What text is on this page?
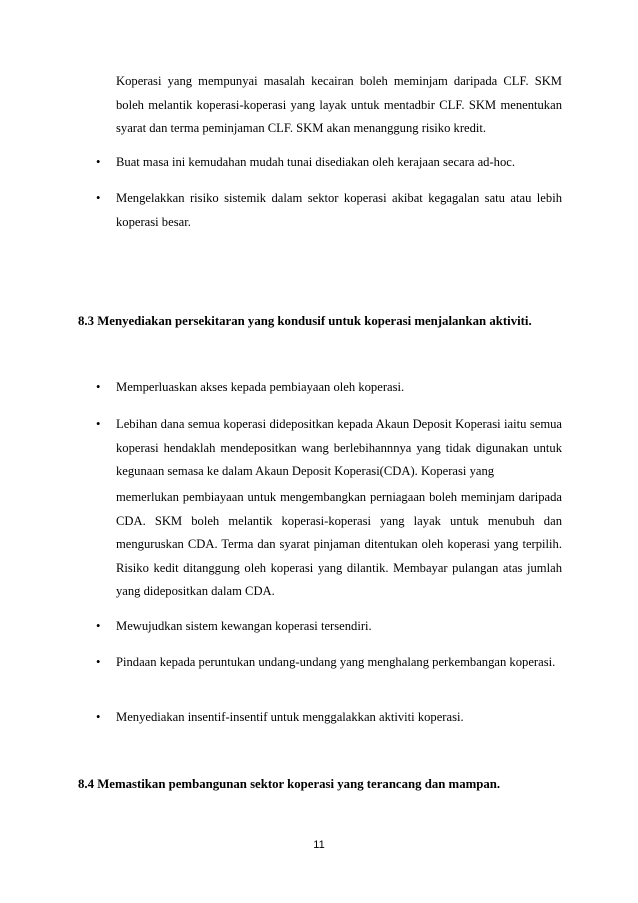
Koperasi yang mempunyai masalah kecairan boleh meminjam daripada CLF. SKM boleh melantik koperasi-koperasi yang layak untuk mentadbir CLF. SKM menentukan syarat dan terma peminjaman CLF. SKM akan menanggung risiko kredit.

•	Buat masa ini kemudahan mudah tunai disediakan oleh kerajaan secara ad-hoc.
•	Mengelakkan risiko sistemik dalam sektor koperasi akibat kegagalan satu atau lebih koperasi besar.
8.3 Menyediakan persekitaran yang kondusif untuk koperasi menjalankan aktiviti.
•	Memperluaskan akses kepada pembiayaan oleh koperasi.
•	Lebihan dana semua koperasi didepositkan kepada Akaun Deposit Koperasi iaitu semua koperasi hendaklah mendepositkan wang berlebihannnya yang tidak digunakan untuk kegunaan semasa ke dalam Akaun Deposit Koperasi(CDA). Koperasi yang

memerlukan pembiayaan untuk mengembangkan perniagaan boleh meminjam daripada CDA. SKM boleh melantik koperasi-koperasi yang layak untuk menubuh dan menguruskan CDA. Terma dan syarat pinjaman ditentukan oleh koperasi yang terpilih. Risiko kedit ditanggung oleh koperasi yang dilantik. Membayar pulangan atas jumlah yang didepositkan dalam CDA.

•	Mewujudkan sistem kewangan koperasi tersendiri.
•	Pindaan kepada peruntukan undang-undang yang menghalang perkembangan koperasi.
•	Menyediakan insentif-insentif untuk menggalakkan aktiviti koperasi.
8.4 Memastikan pembangunan sektor koperasi yang terancang dan mampan.
11
